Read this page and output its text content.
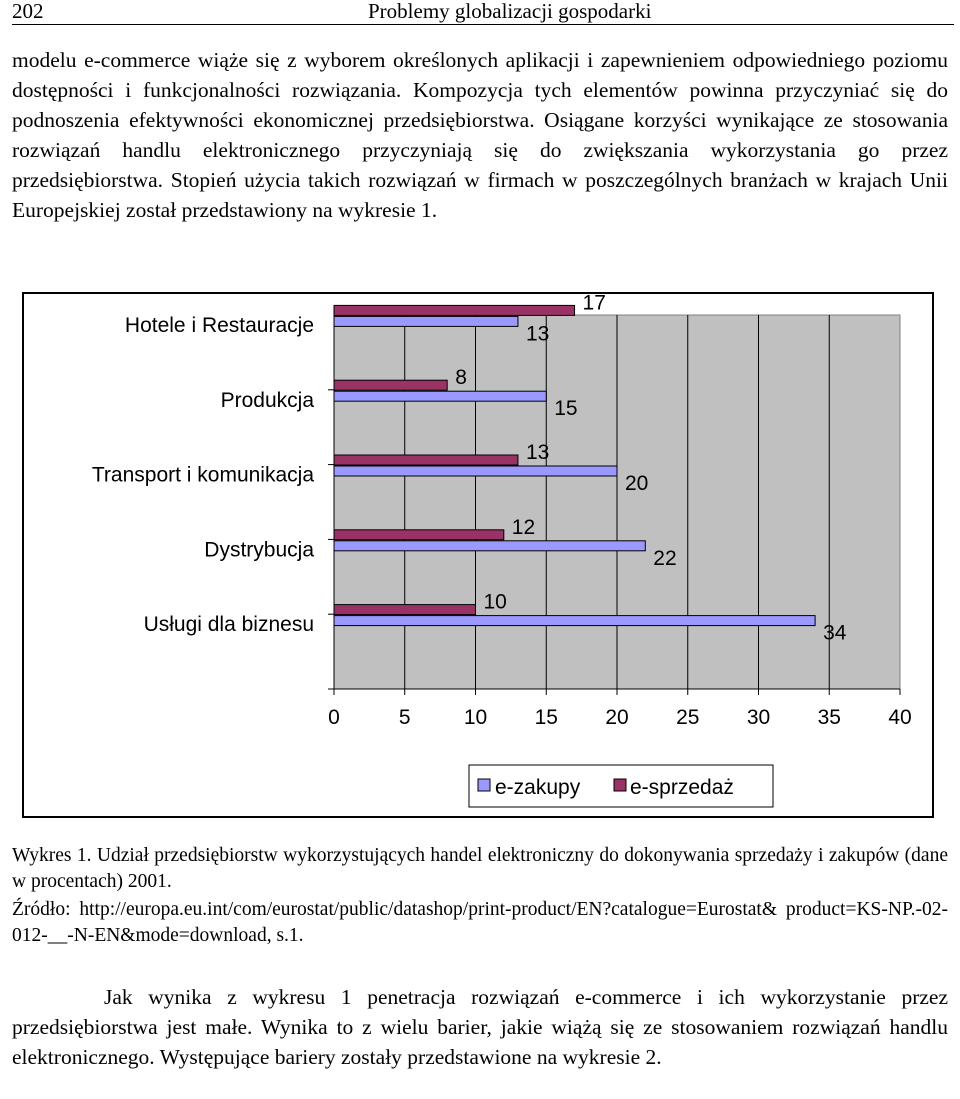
202	Problemy globalizacji gospodarki
modelu e-commerce wiąże się z wyborem określonych aplikacji i zapewnieniem odpowiedniego poziomu dostępności i funkcjonalności rozwiązania. Kompozycja tych elementów powinna przyczyniać się do podnoszenia efektywności ekonomicznej przedsiębiorstwa. Osiągane korzyści wynikające ze stosowania rozwiązań handlu elektronicznego przyczyniają się do zwiększania wykorzystania go przez przedsiębiorstwa. Stopień użycia takich rozwiązań w firmach w poszczególnych branżach w krajach Unii Europejskiej został przedstawiony na wykresie 1.
0	5	10 15 20 25 30 35 40
Hotele i Restauracje
17
13
Produkcja
8
15
Transport i komunikacja
13
20
Dystrybucja
12
22
Usługi dla biznesu
10
34
e-zakupy e-sprzedaż
Wykres 1. Udział przedsiębiorstw wykorzystujących handel elektroniczny do dokonywania sprzedaży i zakupów (dane w procentach) 2001.
Źródło: http://europa.eu.int/com/eurostat/public/datashop/print-product/EN?catalogue=Eurostat& product=KS-NP.-02-012-__-N-EN&mode=download, s.1.
Jak wynika z wykresu 1 penetracja rozwiązań e-commerce i ich wykorzystanie przez przedsiębiorstwa jest małe. Wynika to z wielu barier, jakie wiążą się ze stosowaniem rozwiązań handlu elektronicznego. Występujące bariery zostały przedstawione na wykresie 2.
